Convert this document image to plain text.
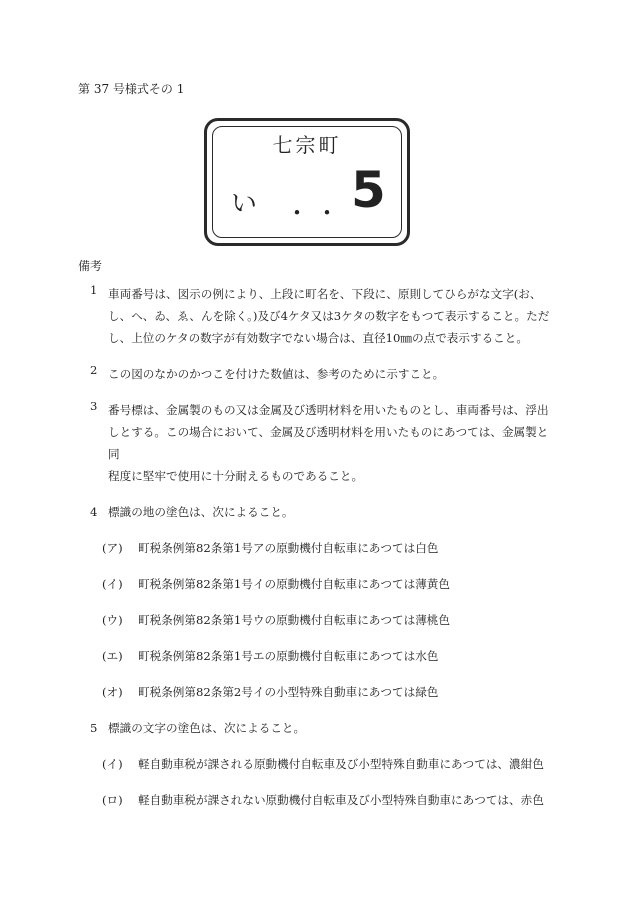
第 37 号様式その 1
七宗町
い ・ ・ 5
備考
1 車両番号は、図示の例により、上段に町名を、下段に、原則してひらがな文字(お、
し、へ、ゐ、ゑ、んを除く。)及び4ケタ又は3ケタの数字をもつて表示すること。ただ
し、上位のケタの数字が有効数字でない場合は、直径10㎜の点で表示すること。
2 この図のなかのかつこを付けた数値は、参考のために示すこと。
3 番号標は、金属製のもの又は金属及び透明材料を用いたものとし、車両番号は、浮出
しとする。この場合において、金属及び透明材料を用いたものにあつては、金属製と同
程度に堅牢で使用に十分耐えるものであること。
4 標識の地の塗色は、次によること。
(ア) 町税条例第82条第1号アの原動機付自転車にあつては白色
(イ) 町税条例第82条第1号イの原動機付自転車にあつては薄黄色
(ウ) 町税条例第82条第1号ウの原動機付自転車にあつては薄桃色
(エ) 町税条例第82条第1号エの原動機付自転車にあつては水色
(オ) 町税条例第82条第2号イの小型特殊自動車にあつては緑色
5 標識の文字の塗色は、次によること。
(イ) 軽自動車税が課される原動機付自転車及び小型特殊自動車にあつては、濃紺色
(ロ) 軽自動車税が課されない原動機付自転車及び小型特殊自動車にあつては、赤色
